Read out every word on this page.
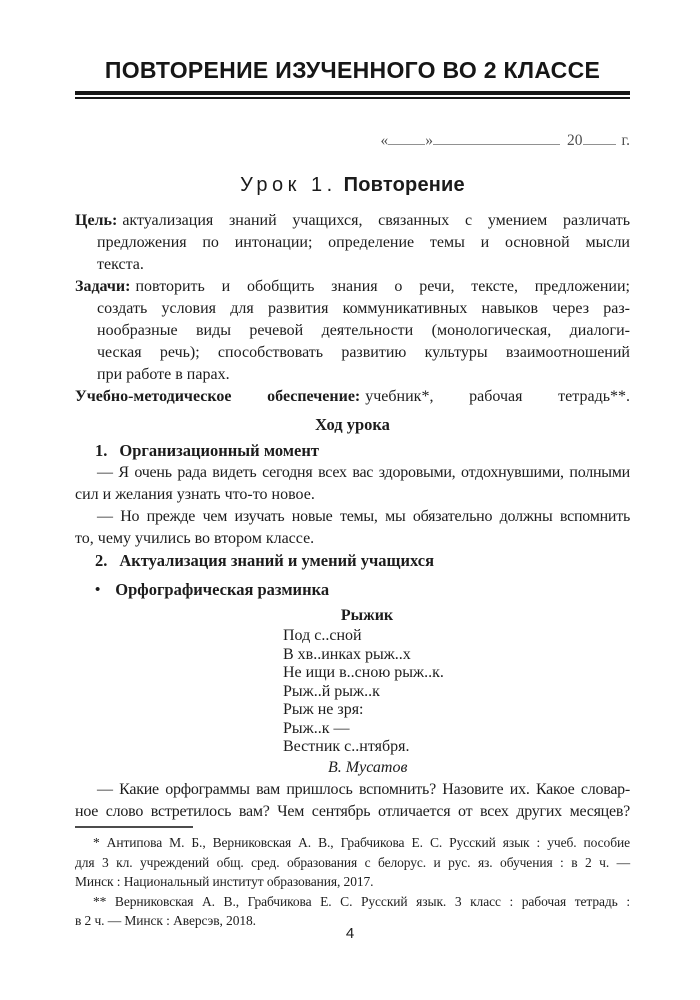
ПОВТОРЕНИЕ ИЗУЧЕННОГО ВО 2 КЛАССЕ
« »	20	г.
Урок 1. Повторение
Цель: актуализация знаний учащихся, связанных с умением различать
предложения по интонации; определение темы и основной мысли
текста.
Задачи: повторить и обобщить знания о речи, тексте, предложении;
создать условия для развития коммуникативных навыков через раз-
нообразные виды речевой деятельности (монологическая, диалоги-
ческая речь); способствовать развитию культуры взаимоотношений
при работе в парах.
Учебно-методическое обеспечение: учебник*, рабочая тетрадь**.
Ход урока
1. Организационный момент
— Я очень рада видеть сегодня всех вас здоровыми, отдохнувшими, полными
сил и желания узнать что-то новое.
— Но прежде чем изучать новые темы, мы обязательно должны вспомнить
то, чему учились во втором классе.
2. Актуализация знаний и умений учащихся
• Орфографическая разминка
Рыжик
Под с..сной
В хв..инках рыж..х
Не ищи в..сною рыж..к.
Рыж..й рыж..к
Рыж не зря:
Рыж..к —
Вестник с..нтября.
В. Мусатов
— Какие орфограммы вам пришлось вспомнить? Назовите их. Какое словар-
ное слово встретилось вам? Чем сентябрь отличается от всех других месяцев?
* Антипова М. Б., Верниковская А. В., Грабчикова Е. С. Русский язык : учеб. пособие
для 3 кл. учреждений общ. сред. образования с белорус. и рус. яз. обучения : в 2 ч. —
Минск : Национальный институт образования, 2017.
** Верниковская А. В., Грабчикова Е. С. Русский язык. 3 класс : рабочая тетрадь :
в 2 ч. — Минск : Аверсэв, 2018.
4
